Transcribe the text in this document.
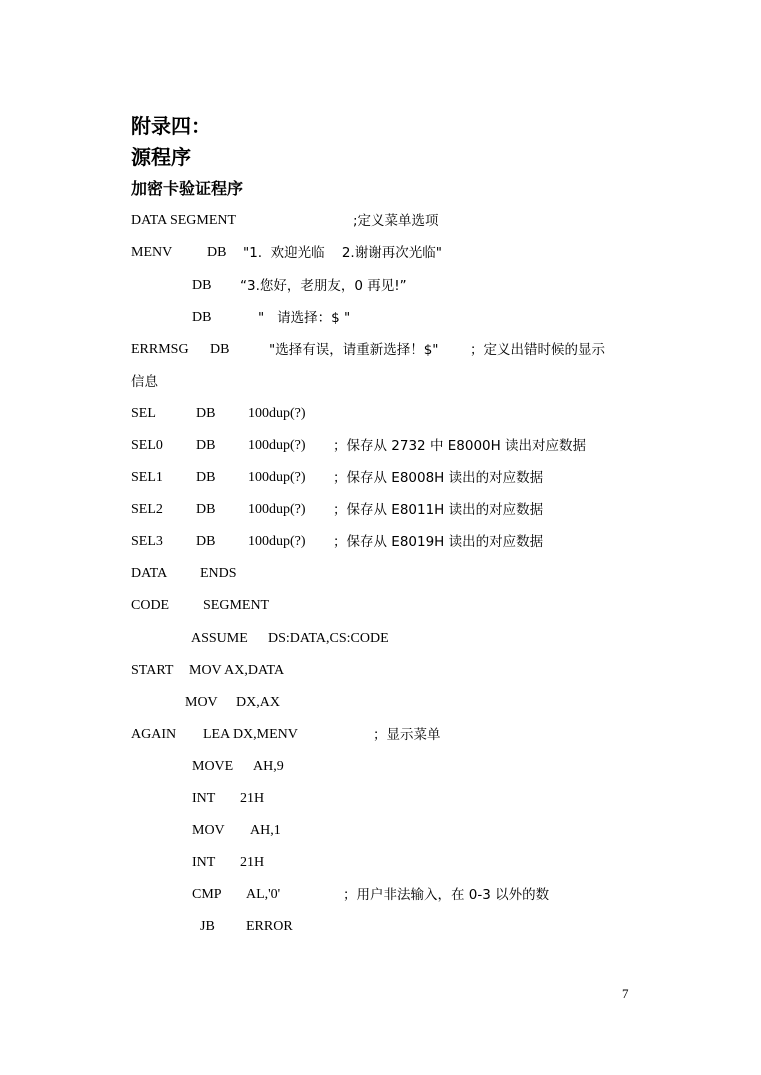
附录四：
源程序
加密卡验证程序
DATA SEGMENT	;定义菜单选项
MENV DB "1.  欢迎光临    2.谢谢再次光临"
DB “3.您好，老朋友，0 再见!”
DB	"   请选择：$ "
ERRMSG DB	"选择有误，请重新选择！$" ；定义出错时候的显示
信息
SEL	DB 100dup(?)
SEL0 DB 100dup(?) ；保存从 2732 中 E8000H 读出对应数据
SEL1 DB 100dup(?) ；保存从 E8008H 读出的对应数据
SEL2 DB 100dup(?) ；保存从 E8011H 读出的对应数据
SEL3 DB 100dup(?) ；保存从 E8019H 读出的对应数据
DATA ENDS
CODE SEGMENT
ASSUME DS:DATA,CS:CODE
START MOV AX,DATA
MOV DX,AX
AGAIN LEA DX,MENV	；显示菜单
MOVE AH,9
INT 21H
MOV AH,1
INT 21H
CMP AL,'0'	；用户非法输入，在 0-3 以外的数
JB ERROR
7
